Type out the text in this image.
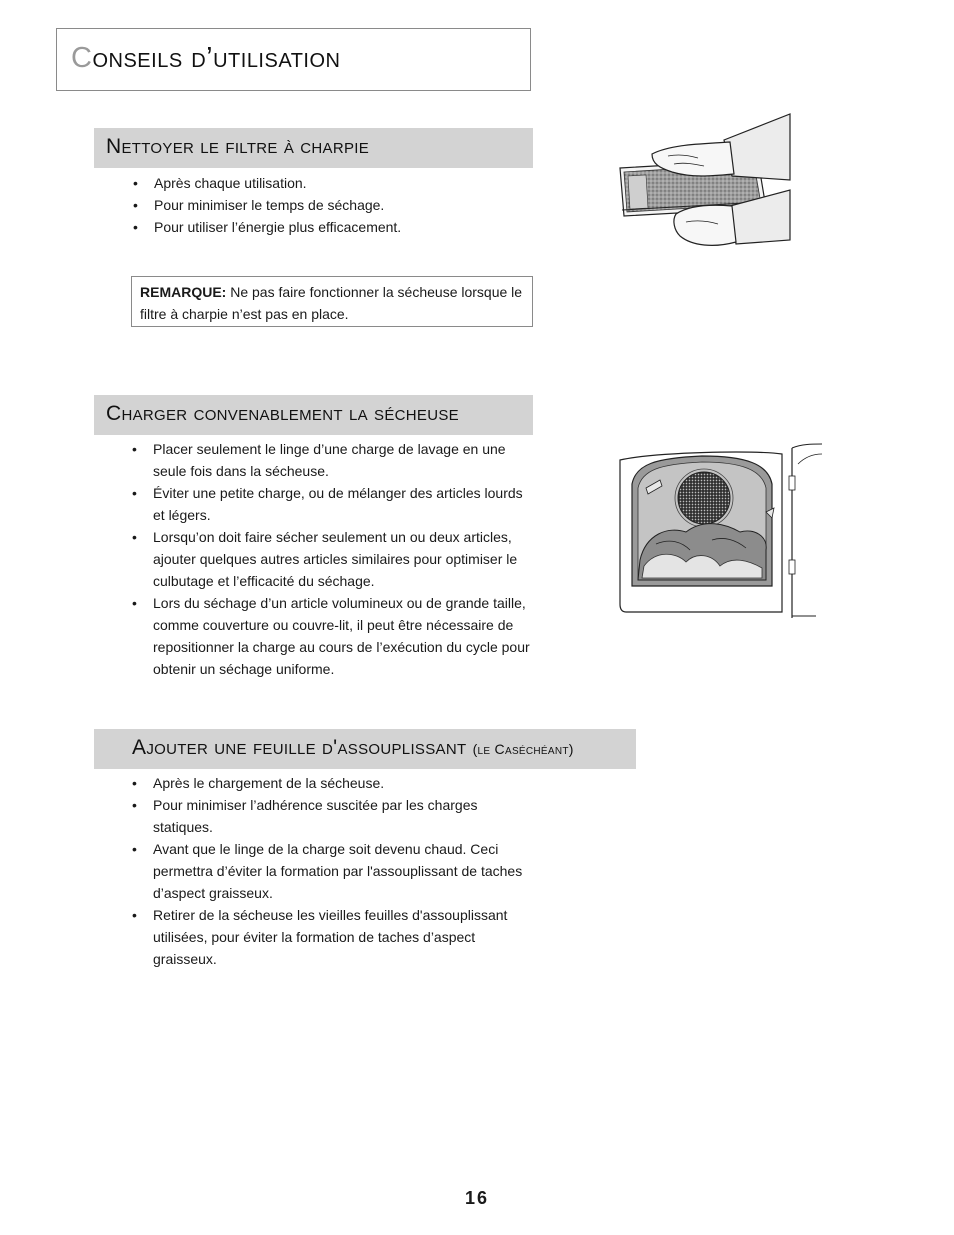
Conseils d’utilisation
Nettoyer le filtre à charpie
• Après chaque utilisation.
• Pour minimiser le temps de séchage.
• Pour utiliser l’énergie plus efficacement.
REMARQUE: Ne pas faire fonctionner la sécheuse lorsque le filtre à charpie n’est pas en place.
Charger convenablement la sécheuse
• Placer seulement le linge d’une charge de lavage en une seule fois dans la sécheuse.
• Éviter une petite charge, ou de mélanger des articles lourds et légers.
• Lorsqu’on doit faire sécher seulement un ou deux articles, ajouter quelques autres articles similaires pour optimiser le culbutage et l’efficacité du séchage.
• Lors du séchage d’un article volumineux ou de grande taille, comme couverture ou couvre-lit, il peut être nécessaire de repositionner la charge au cours de l’exécution du cycle pour obtenir un séchage uniforme.
Ajouter une feuille d'assouplissant (le Caséchéant)
• Après le chargement de la sécheuse.
• Pour minimiser l’adhérence suscitée par les charges statiques.
• Avant que le linge de la charge soit devenu chaud. Ceci permettra d’éviter la formation par l'assouplissant de taches d’aspect graisseux.
• Retirer de la sécheuse les vieilles feuilles d'assouplissant utilisées, pour éviter la formation de taches d’aspect graisseux.
16
